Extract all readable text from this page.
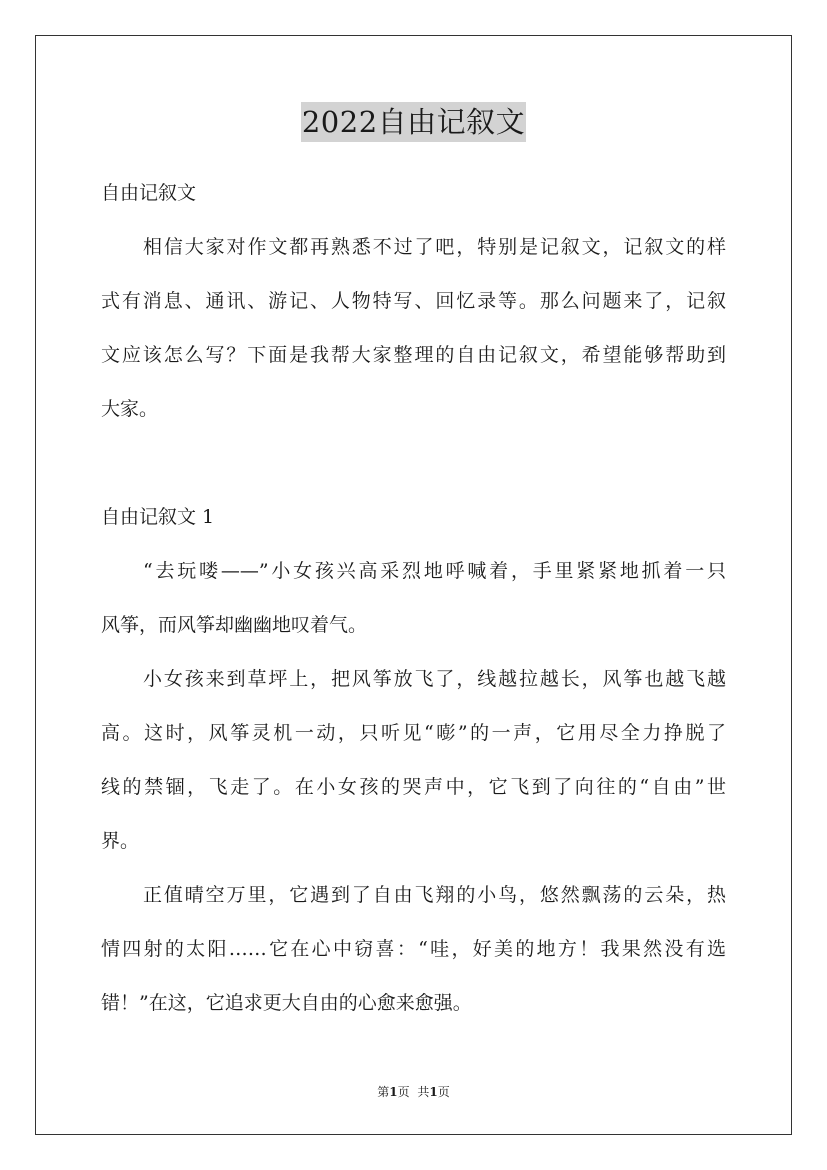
2022自由记叙文
自由记叙文
相信大家对作文都再熟悉不过了吧，特别是记叙文，记叙文的样
式有消息、通讯、游记、人物特写、回忆录等。那么问题来了，记叙
文应该怎么写？下面是我帮大家整理的自由记叙文，希望能够帮助到
大家。
自由记叙文 1
“去玩喽——”小女孩兴高采烈地呼喊着，手里紧紧地抓着一只
风筝，而风筝却幽幽地叹着气。
小女孩来到草坪上，把风筝放飞了，线越拉越长，风筝也越飞越
高。这时，风筝灵机一动，只听见“嘭”的一声，它用尽全力挣脱了
线的禁锢，飞走了。在小女孩的哭声中，它飞到了向往的“自由”世
界。
正值晴空万里，它遇到了自由飞翔的小鸟，悠然飘荡的云朵，热
情四射的太阳……它在心中窃喜：“哇，好美的地方！我果然没有选
错！”在这，它追求更大自由的心愈来愈强。
第1页 共1页
